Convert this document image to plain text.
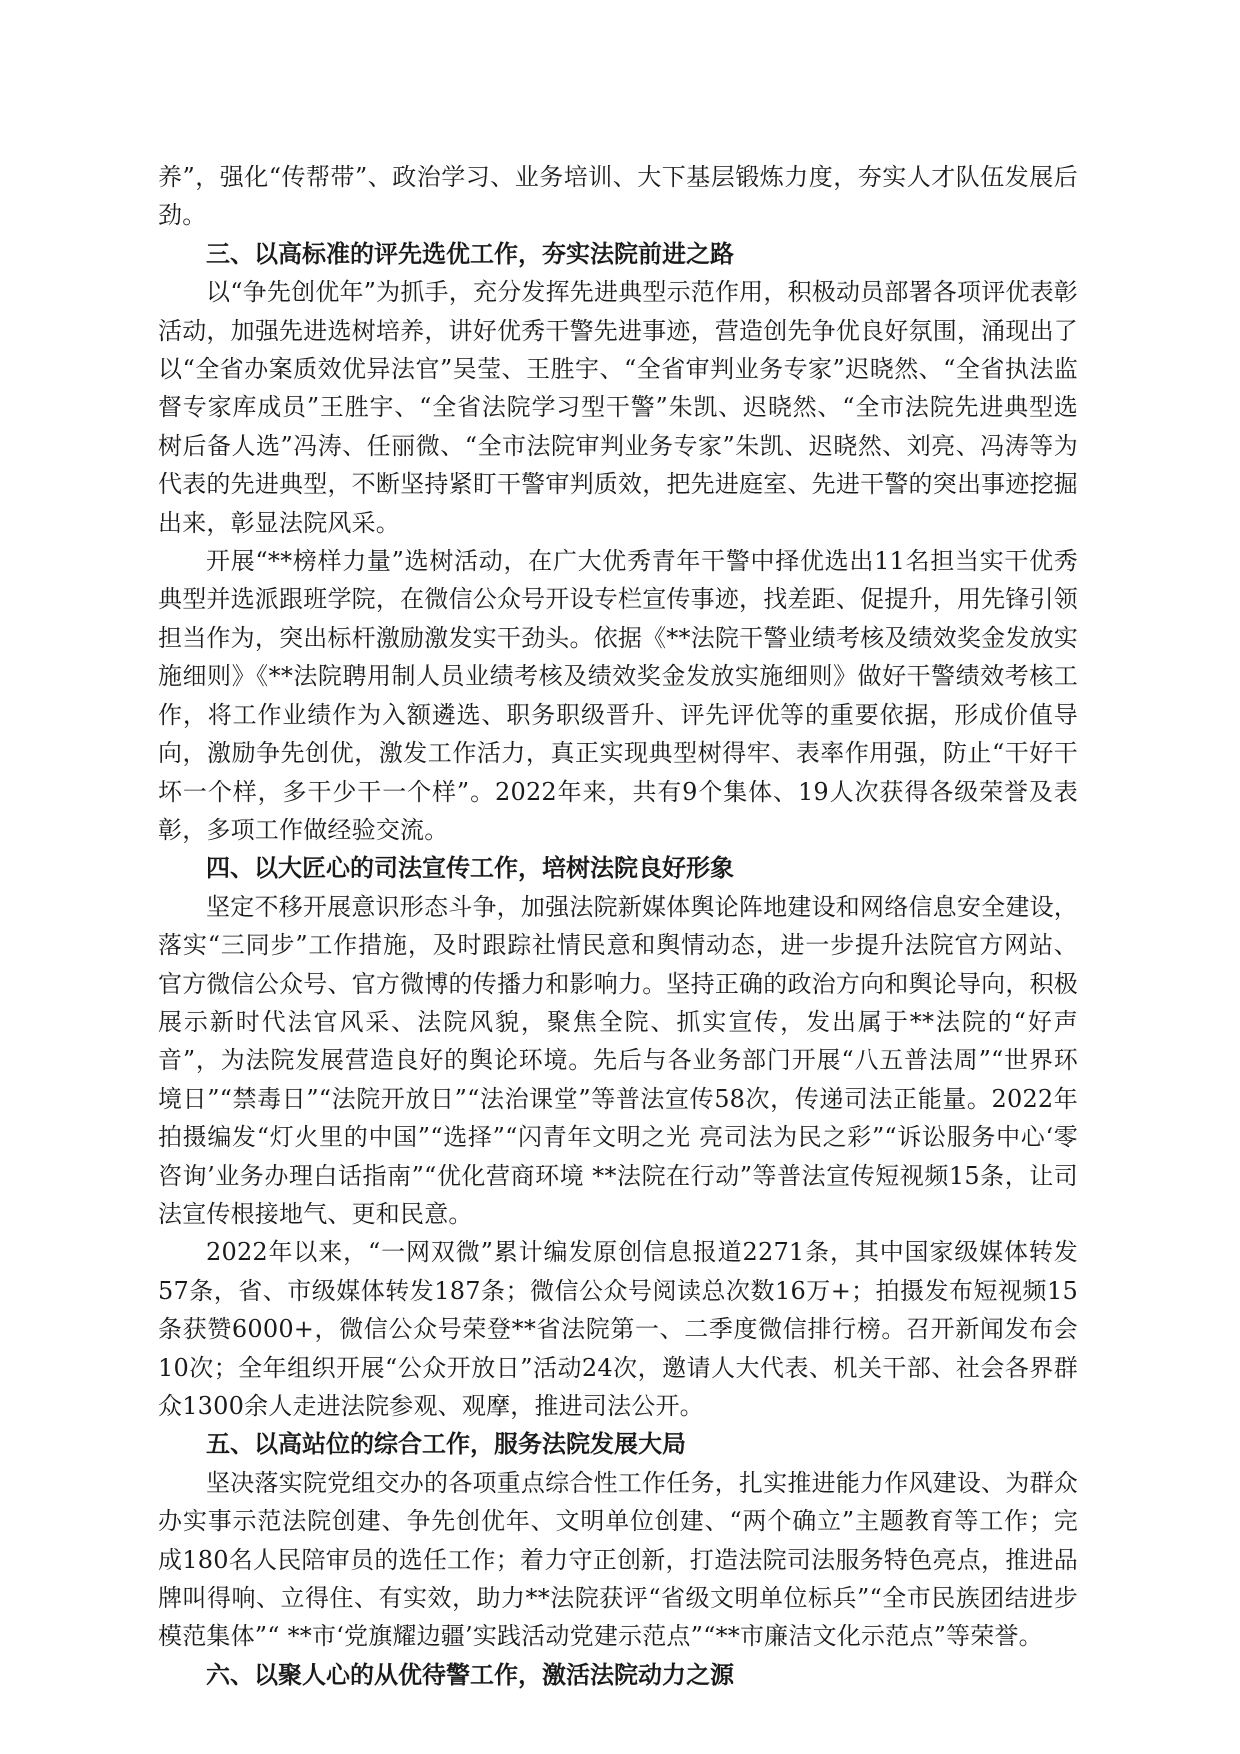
养”，强化“传帮带”、政治学习、业务培训、大下基层锻炼力度，夯实人才队伍发展后劲。

三、以高标准的评先选优工作，夯实法院前进之路

以“争先创优年”为抓手，充分发挥先进典型示范作用，积极动员部署各项评优表彰活动，加强先进选树培养，讲好优秀干警先进事迹，营造创先争优良好氛围，涌现出了以“全省办案质效优异法官”吴莹、王胜宇、“全省审判业务专家”迟晓然、“全省执法监督专家库成员”王胜宇、“全省法院学习型干警”朱凯、迟晓然、“全市法院先进典型选树后备人选”冯涛、任丽微、“全市法院审判业务专家”朱凯、迟晓然、刘亮、冯涛等为代表的先进典型，不断坚持紧盯干警审判质效，把先进庭室、先进干警的突出事迹挖掘出来，彰显法院风采。

开展“**榜样力量”选树活动，在广大优秀青年干警中择优选出11名担当实干优秀典型并选派跟班学院，在微信公众号开设专栏宣传事迹，找差距、促提升，用先锋引领担当作为，突出标杆激励激发实干劲头。依据《**法院干警业绩考核及绩效奖金发放实施细则》《**法院聘用制人员业绩考核及绩效奖金发放实施细则》做好干警绩效考核工作，将工作业绩作为入额遴选、职务职级晋升、评先评优等的重要依据，形成价值导向，激励争先创优，激发工作活力，真正实现典型树得牢、表率作用强，防止“干好干坏一个样，多干少干一个样”。2022年来，共有9个集体、19人次获得各级荣誉及表彰，多项工作做经验交流。

四、以大匠心的司法宣传工作，培树法院良好形象

坚定不移开展意识形态斗争，加强法院新媒体舆论阵地建设和网络信息安全建设，落实“三同步”工作措施，及时跟踪社情民意和舆情动态，进一步提升法院官方网站、官方微信公众号、官方微博的传播力和影响力。坚持正确的政治方向和舆论导向，积极展示新时代法官风采、法院风貌，聚焦全院、抓实宣传，发出属于**法院的“好声音”，为法院发展营造良好的舆论环境。先后与各业务部门开展“八五普法周”“世界环境日”“禁毒日”“法院开放日”“法治课堂”等普法宣传58次，传递司法正能量。2022年拍摄编发“灯火里的中国”“选择”“闪青年文明之光 亮司法为民之彩”“诉讼服务中心‘零咨询’业务办理白话指南”“优化营商环境 **法院在行动”等普法宣传短视频15条，让司法宣传根接地气、更和民意。

2022年以来，“一网双微”累计编发原创信息报道2271条，其中国家级媒体转发57条，省、市级媒体转发187条；微信公众号阅读总次数16万+；拍摄发布短视频15条获赞6000+，微信公众号荣登**省法院第一、二季度微信排行榜。召开新闻发布会10次；全年组织开展“公众开放日”活动24次，邀请人大代表、机关干部、社会各界群众1300余人走进法院参观、观摩，推进司法公开。

五、以高站位的综合工作，服务法院发展大局

坚决落实院党组交办的各项重点综合性工作任务，扎实推进能力作风建设、为群众办实事示范法院创建、争先创优年、文明单位创建、“两个确立”主题教育等工作；完成180名人民陪审员的选任工作；着力守正创新，打造法院司法服务特色亮点，推进品牌叫得响、立得住、有实效，助力**法院获评“省级文明单位标兵”“全市民族团结进步模范集体”“ **市‘党旗耀边疆’实践活动党建示范点”“**市廉洁文化示范点”等荣誉。

六、以聚人心的从优待警工作，激活法院动力之源
